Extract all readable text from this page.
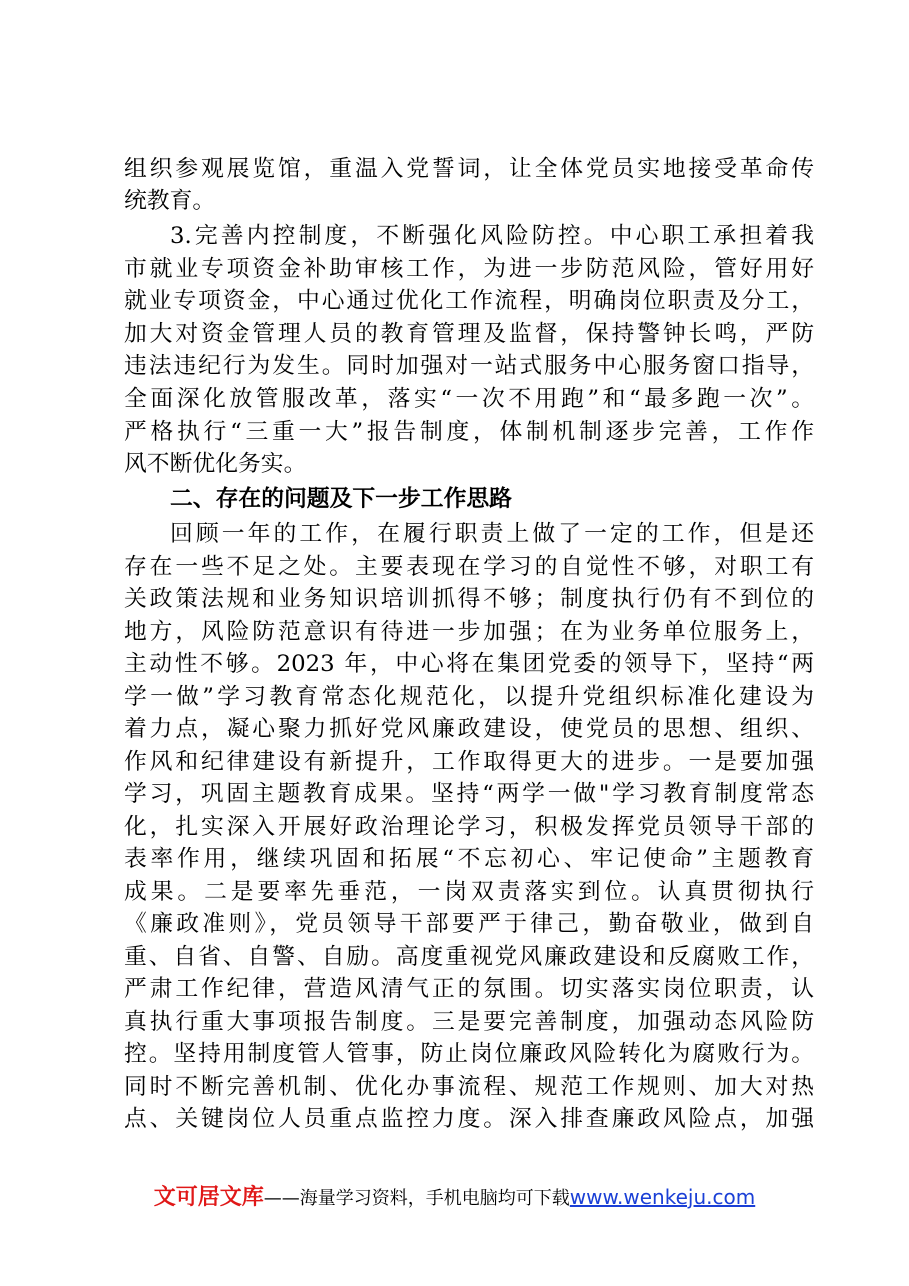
组织参观展览馆，重温入党誓词，让全体党员实地接受革命传
统教育。
3.完善内控制度，不断强化风险防控。中心职工承担着我
市就业专项资金补助审核工作，为进一步防范风险，管好用好
就业专项资金，中心通过优化工作流程，明确岗位职责及分工，
加大对资金管理人员的教育管理及监督，保持警钟长鸣，严防
违法违纪行为发生。同时加强对一站式服务中心服务窗口指导，
全面深化放管服改革，落实“一次不用跑”和“最多跑一次”。
严格执行“三重一大”报告制度，体制机制逐步完善，工作作
风不断优化务实。
二、存在的问题及下一步工作思路
回顾一年的工作，在履行职责上做了一定的工作，但是还
存在一些不足之处。主要表现在学习的自觉性不够，对职工有
关政策法规和业务知识培训抓得不够；制度执行仍有不到位的
地方，风险防范意识有待进一步加强；在为业务单位服务上，
主动性不够。2023 年，中心将在集团党委的领导下，坚持“两
学一做”学习教育常态化规范化，以提升党组织标准化建设为
着力点，凝心聚力抓好党风廉政建设，使党员的思想、组织、
作风和纪律建设有新提升，工作取得更大的进步。一是要加强
学习，巩固主题教育成果。坚持“两学一做"学习教育制度常态
化，扎实深入开展好政治理论学习，积极发挥党员领导干部的
表率作用，继续巩固和拓展“不忘初心、牢记使命”主题教育
成果。二是要率先垂范，一岗双责落实到位。认真贯彻执行
《廉政准则》，党员领导干部要严于律己，勤奋敬业，做到自
重、自省、自警、自励。高度重视党风廉政建设和反腐败工作，
严肃工作纪律，营造风清气正的氛围。切实落实岗位职责，认
真执行重大事项报告制度。三是要完善制度，加强动态风险防
控。坚持用制度管人管事，防止岗位廉政风险转化为腐败行为。
同时不断完善机制、优化办事流程、规范工作规则、加大对热
点、关键岗位人员重点监控力度。深入排查廉政风险点，加强
文可居文库——海量学习资料，手机电脑均可下载www.wenkeju.com
